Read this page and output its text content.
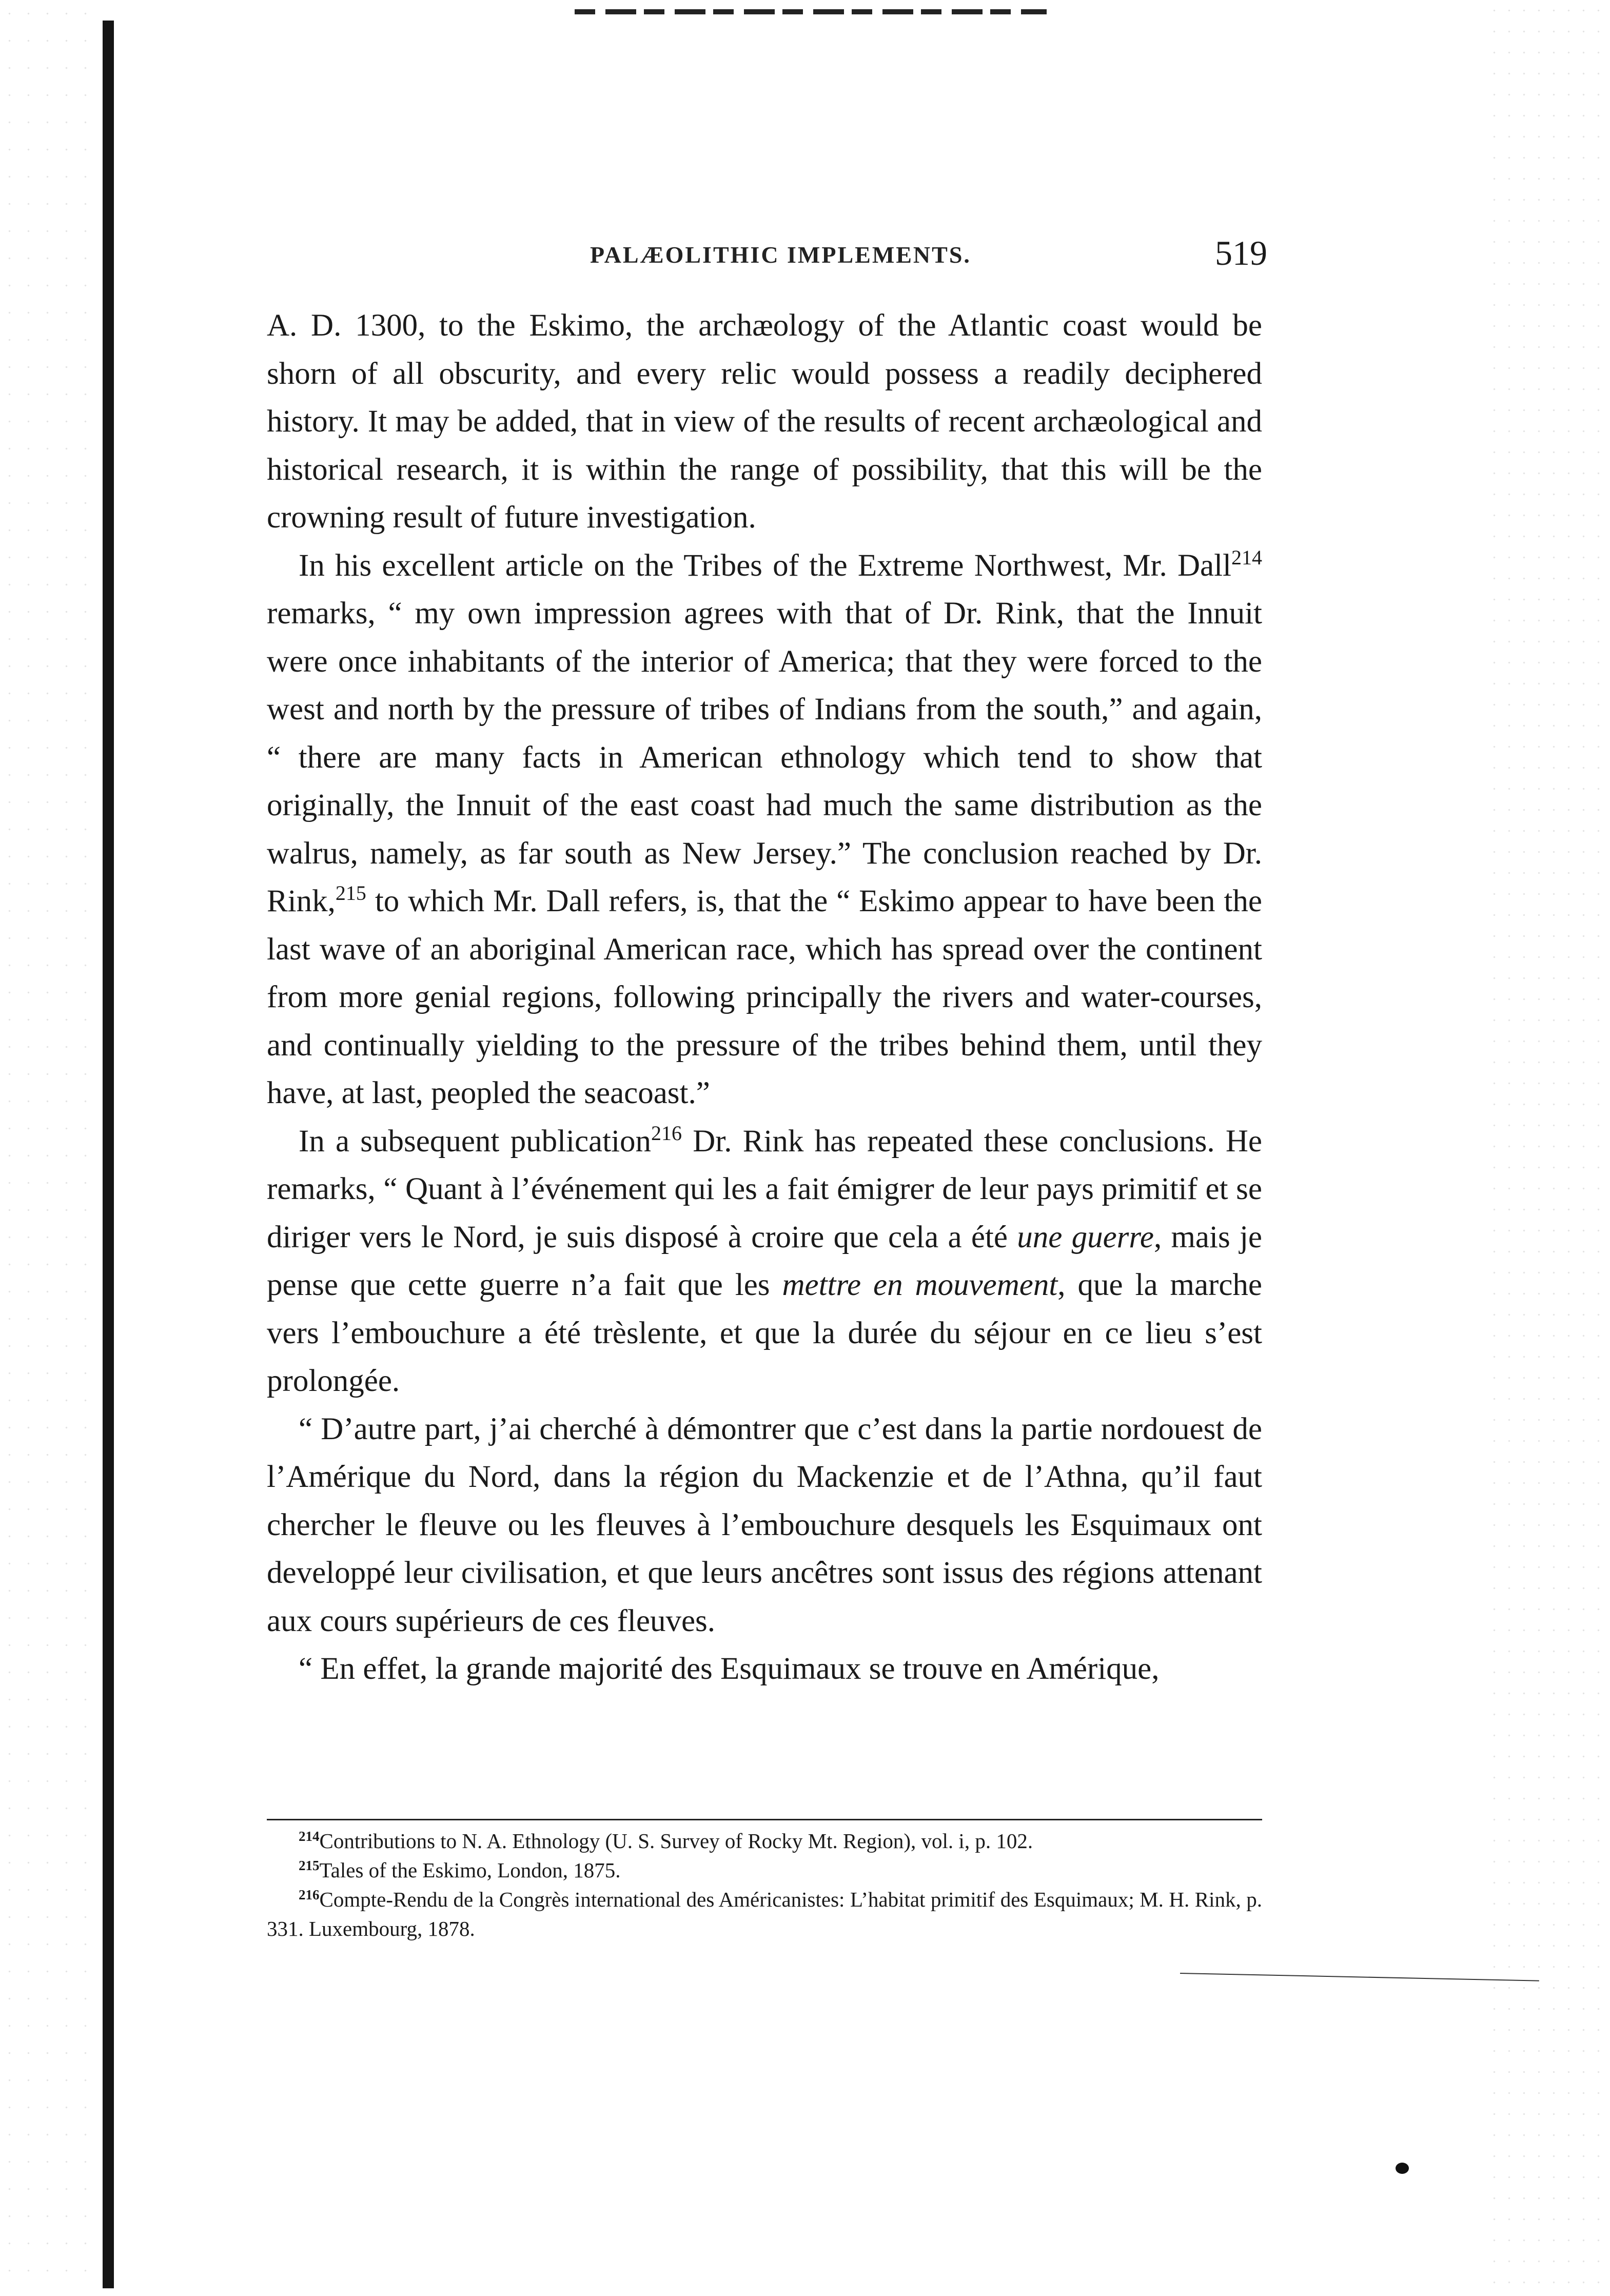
PALÆOLITHIC IMPLEMENTS.	519

A. D. 1300, to the Eskimo, the archæology of the Atlantic coast would be shorn of all obscurity, and every relic would possess a readily deciphered history. It may be added, that in view of the results of recent archæological and historical research, it is within the range of possibility, that this will be the crowning result of future investigation.

In his excellent article on the Tribes of the Extreme Northwest, Mr. Dall$^{214}$ remarks, “ my own impression agrees with that of Dr. Rink, that the Innuit were once inhabitants of the interior of America; that they were forced to the west and north by the pressure of tribes of Indians from the south,” and again, “ there are many facts in American ethnology which tend to show that originally, the Innuit of the east coast had much the same distribution as the walrus, namely, as far south as New Jersey.” The conclusion reached by Dr. Rink,$^{215}$ to which Mr. Dall refers, is, that the “ Eskimo appear to have been the last wave of an aboriginal American race, which has spread over the continent from more genial regions, following principally the rivers and water-courses, and continually yielding to the pressure of the tribes behind them, until they have, at last, peopled the seacoast.”

In a subsequent publication$^{216}$ Dr. Rink has repeated these conclusions. He remarks, “ Quant à l’événement qui les a fait émigrer de leur pays primitif et se diriger vers le Nord, je suis disposé à croire que cela a été une guerre, mais je pense que cette guerre n’a fait que les mettre en mouvement, que la marche vers l’embouchure a été trèslente, et que la durée du séjour en ce lieu s’est prolongée.

“ D’autre part, j’ai cherché à démontrer que c’est dans la partie nordouest de l’Amérique du Nord, dans la région du Mackenzie et de l’Athna, qu’il faut chercher le fleuve ou les fleuves à l’embouchure desquels les Esquimaux ont developpé leur civilisation, et que leurs ancêtres sont issus des régions attenant aux cours supérieurs de ces fleuves.

“ En effet, la grande majorité des Esquimaux se trouve en Amérique,

$^{214}$Contributions to N. A. Ethnology (U. S. Survey of Rocky Mt. Region), vol. i, p. 102.

$^{215}$Tales of the Eskimo, London, 1875.

$^{216}$Compte-Rendu de la Congrès international des Américanistes: L’habitat primitif des Esquimaux; M. H. Rink, p. 331. Luxembourg, 1878.
